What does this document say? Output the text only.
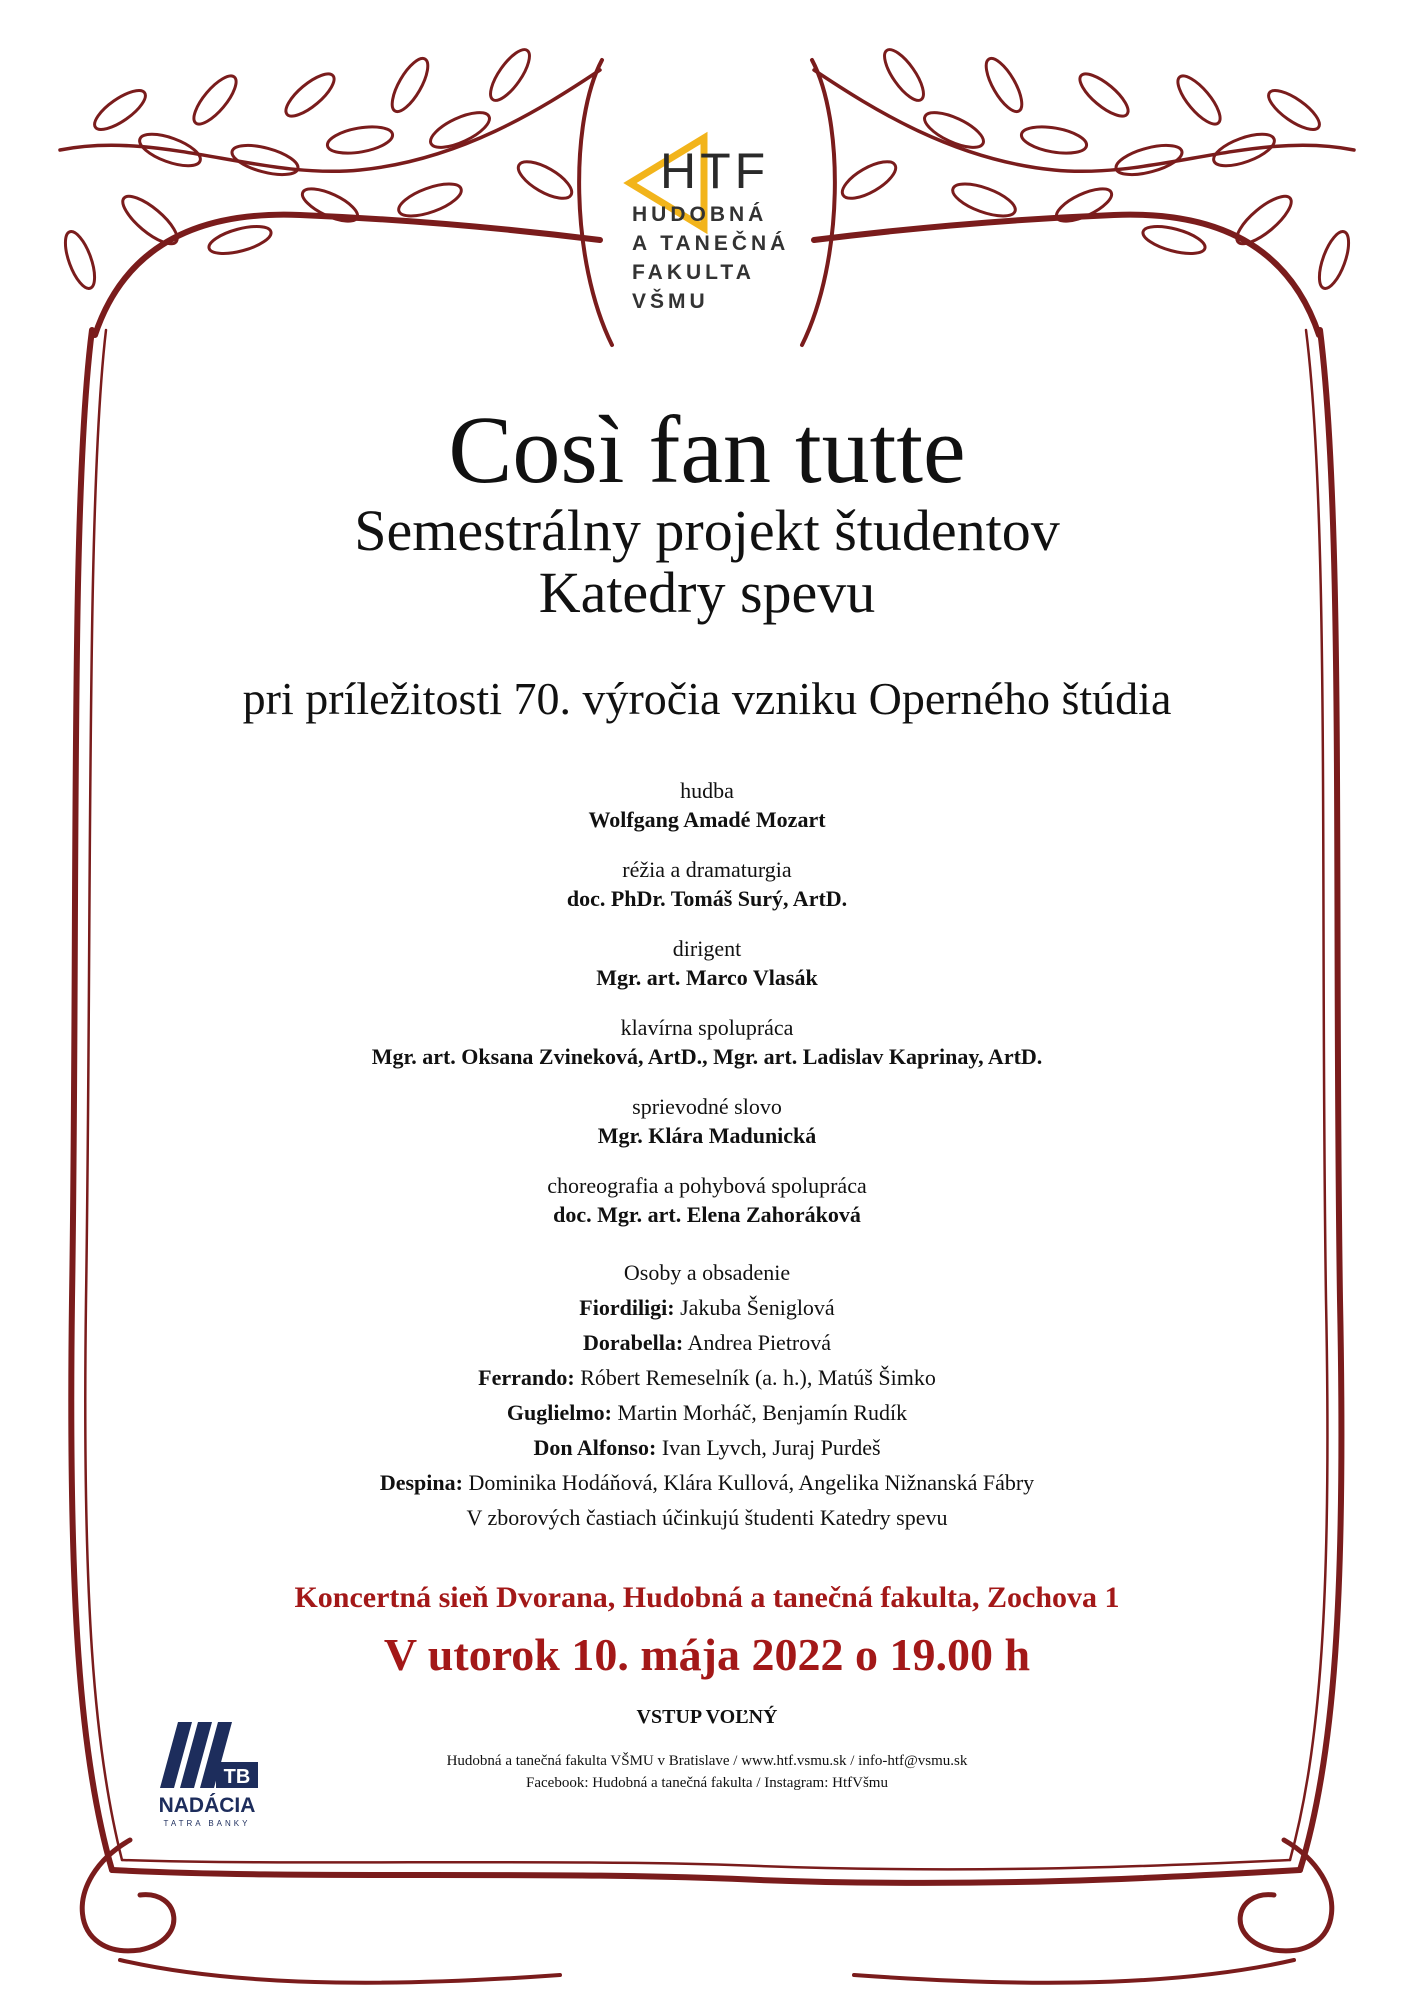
HTF
HUDOBNÁ
A TANEČNÁ
FAKULTA
VŠMU
Così fan tutte
Semestrálny projekt študentov
Katedry spevu
pri príležitosti 70. výročia vzniku Operného štúdia
hudba
Wolfgang Amadé Mozart
réžia a dramaturgia
doc. PhDr. Tomáš Surý, ArtD.
dirigent
Mgr. art. Marco Vlasák
klavírna spolupráca
Mgr. art. Oksana Zvineková, ArtD., Mgr. art. Ladislav Kaprinay, ArtD.
sprievodné slovo
Mgr. Klára Madunická
choreografia a pohybová spolupráca
doc. Mgr. art. Elena Zahoráková
Osoby a obsadenie
Fiordiligi: Jakuba Šeniglová
Dorabella: Andrea Pietrová
Ferrando: Róbert Remeselník (a. h.), Matúš Šimko
Guglielmo: Martin Morháč, Benjamín Rudík
Don Alfonso: Ivan Lyvch, Juraj Purdeš
Despina: Dominika Hodáňová, Klára Kullová, Angelika Nižnanská Fábry
V zborových častiach účinkujú študenti Katedry spevu
Koncertná sieň Dvorana, Hudobná a tanečná fakulta, Zochova 1
V utorok 10. mája 2022 o 19.00 h
VSTUP VOĽNÝ
Hudobná a tanečná fakulta VŠMU v Bratislave / www.htf.vsmu.sk / info-htf@vsmu.sk
Facebook: Hudobná a tanečná fakulta / Instagram: HtfVšmu
TB
NADÁCIA
TATRA BANKY
